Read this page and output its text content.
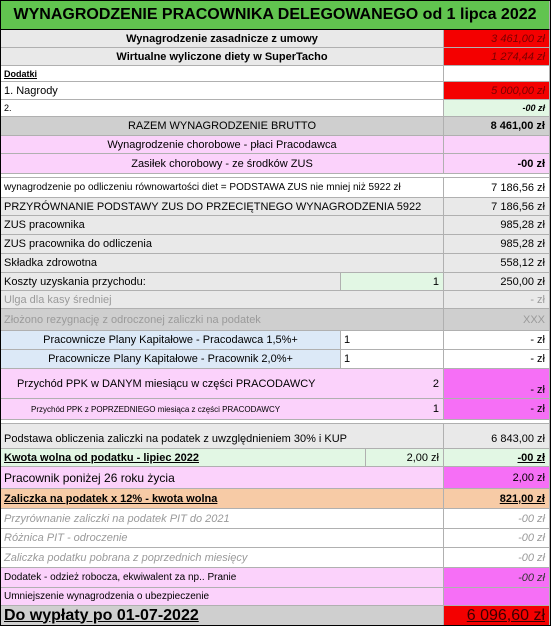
WYNAGRODZENIE PRACOWNIKA DELEGOWANEGO od 1 lipca 2022
Wynagrodzenie zasadnicze z umowy	3 461,00 zł
Wirtualne wyliczone diety w SuperTacho	1 274,44 zł
Dodatki
1. Nagrody	5 000,00 zł
2.	-00 zł
RAZEM WYNAGRODZENIE BRUTTO	8 461,00 zł
Wynagrodzenie chorobowe - płaci Pracodawca
Zasiłek chorobowy - ze środków ZUS	-00 zł
wynagrodzenie po odliczeniu równowartości diet = PODSTAWA ZUS nie mniej niż 5922 zł	7 186,56 zł
PRZYRÓWNANIE PODSTAWY ZUS DO PRZECIĘTNEGO WYNAGRODZENIA 5922	7 186,56 zł
ZUS pracownika	985,28 zł
ZUS pracownika do odliczenia	985,28 zł
Składka zdrowotna	558,12 zł
Koszty uzyskania przychodu:	1	250,00 zł
Ulga dla kasy średniej	- zł
Złożono rezygnację z odroczonej zaliczki na podatek	XXX
Pracownicze Plany Kapitałowe - Pracodawca 1,5%+	1	- zł
Pracownicze Plany Kapitałowe - Pracownik 2,0%+	1	- zł
Przychód PPK w DANYM miesiącu w części PRACODAWCY	2	- zł
Przychód PPK z POPRZEDNIEGO miesiąca z części PRACODAWCY	1	- zł
Podstawa obliczenia zaliczki na podatek z uwzględnieniem 30% i KUP	6 843,00 zł
Kwota wolna od podatku - lipiec 2022	2,00 zł	-00 zł
Pracownik poniżej 26 roku życia	2,00 zł
Zaliczka na podatek x 12% - kwota wolna	821,00 zł
Przyrównanie zaliczki na podatek PIT do 2021	-00 zł
Różnica PIT - odroczenie	-00 zł
Zaliczka podatku pobrana z poprzednich miesięcy	-00 zł
Dodatek - odzież robocza, ekwiwalent za np.. Pranie	-00 zł
Umniejszenie wynagrodzenia o ubezpieczenie
Do wypłaty po 01-07-2022	6 096,60 zł
